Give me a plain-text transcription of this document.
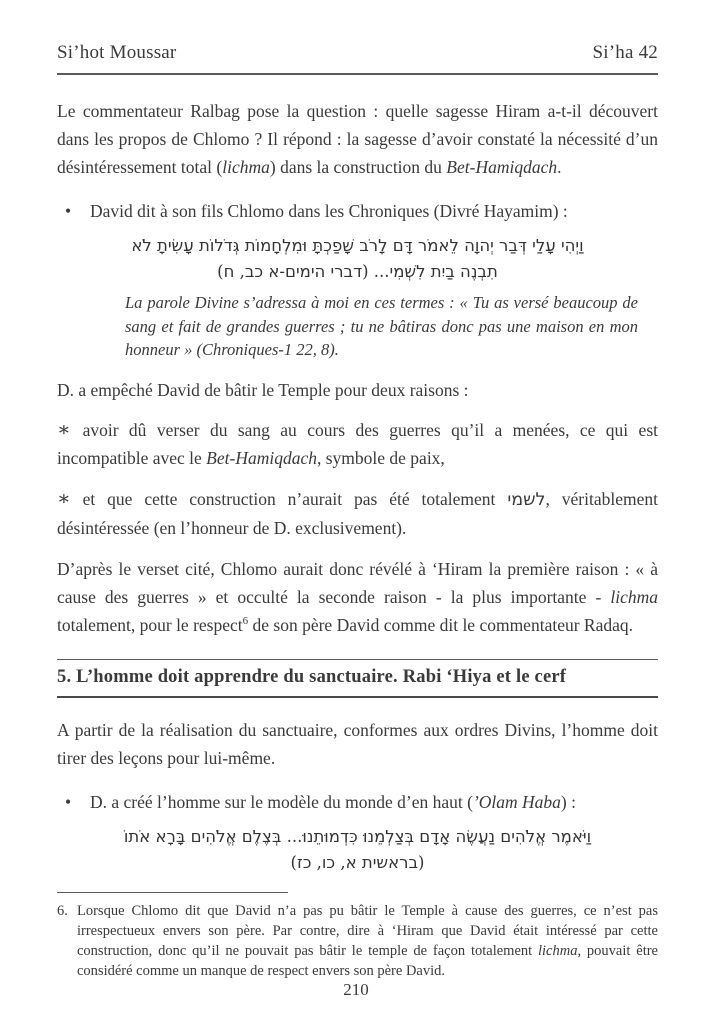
Si’hot Moussar	Si’ha 42

Le commentateur Ralbag pose la question : quelle sagesse Hiram a-t-il découvert dans les propos de Chlomo ? Il répond : la sagesse d’avoir constaté la nécessité d’un désintéressement total (lichma) dans la construction du Bet-Hamiqdach.

•	David dit à son fils Chlomo dans les Chroniques (Divré Hayamim) :
וַיְהִי עָלַי דְּבַר יְהוָה לֵאמֹר דָּם לָרֹב שָׁפַכְתָּ וּמִלְחָמוֹת גְּדֹלוֹת עָשִׂיתָ לֹא
תִבְנֶה בַיִת לִשְׁמִי... (דברי הימים-א כב, ח)

La parole Divine s’adressa à moi en ces termes : « Tu as versé beaucoup de sang et fait de grandes guerres ; tu ne bâtiras donc pas une maison en mon honneur » (Chroniques-1 22, 8).

D. a empêché David de bâtir le Temple pour deux raisons :

∗ avoir dû verser du sang au cours des guerres qu’il a menées, ce qui est incompatible avec le Bet-Hamiqdach, symbole de paix,

∗ et que cette construction n’aurait pas été totalement לשמי, véritablement désintéressée (en l’honneur de D. exclusivement).

D’après le verset cité, Chlomo aurait donc révélé à ‘Hiram la première raison : « à cause des guerres » et occulté la seconde raison - la plus importante - lichma totalement, pour le respect$^6$ de son père David comme dit le commentateur Radaq.

5. L’homme doit apprendre du sanctuaire. Rabi ‘Hiya et le cerf

A partir de la réalisation du sanctuaire, conformes aux ordres Divins, l’homme doit tirer des leçons pour lui-même.

•	D. a créé l’homme sur le modèle du monde d’en haut (’Olam Haba) :
וַיֹּאמֶר אֱלֹהִים נַעֲשֶׂה אָדָם בְּצַלְמֵנוּ כִּדְמוּתֵנוּ... בְּצֶלֶם אֱלֹהִים בָּרָא אֹתוֹ
(בראשית א, כו, כז)
6. Lorsque Chlomo dit que David n’a pas pu bâtir le Temple à cause des guerres, ce n’est pas irrespectueux envers son père. Par contre, dire à ‘Hiram que David était intéressé par cette construction, donc qu’il ne pouvait pas bâtir le temple de façon totalement lichma, pouvait être considéré comme un manque de respect envers son père David.
210
